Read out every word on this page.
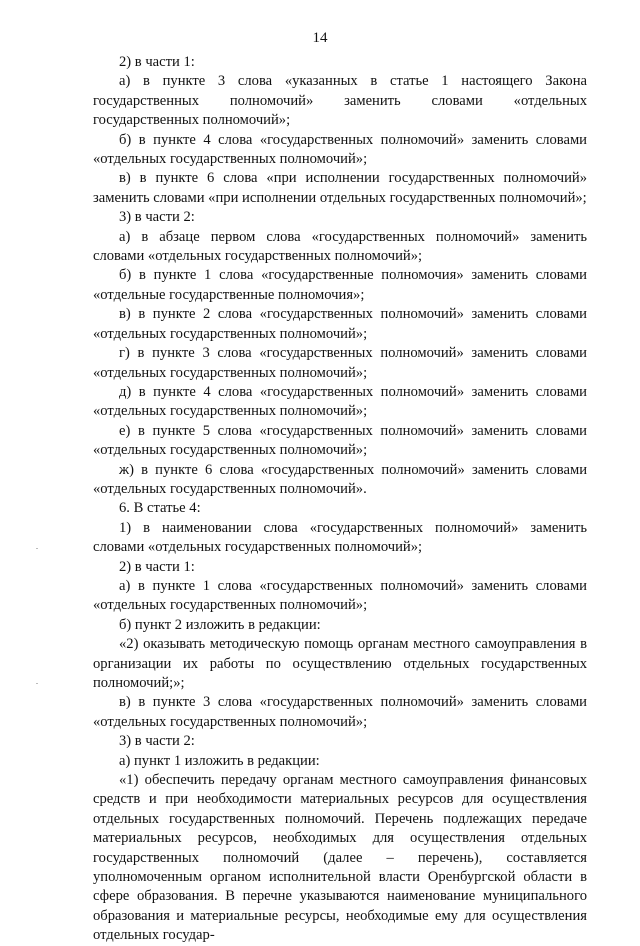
14

2) в части 1:

а) в пункте 3 слова «указанных в статье 1 настоящего Закона государственных полномочий» заменить словами «отдельных государственных полномочий»;

б) в пункте 4 слова «государственных полномочий» заменить словами «отдельных государственных полномочий»;

в) в пункте 6 слова «при исполнении государственных полномочий» заменить словами «при исполнении отдельных государственных полномочий»;

3) в части 2:

а) в абзаце первом слова «государственных полномочий» заменить словами «отдельных государственных полномочий»;

б) в пункте 1 слова «государственные полномочия» заменить словами «отдельные государственные полномочия»;

в) в пункте 2 слова «государственных полномочий» заменить словами «отдельных государственных полномочий»;

г) в пункте 3 слова «государственных полномочий» заменить словами «отдельных государственных полномочий»;

д) в пункте 4 слова «государственных полномочий» заменить словами «отдельных государственных полномочий»;

е) в пункте 5 слова «государственных полномочий» заменить словами «отдельных государственных полномочий»;

ж) в пункте 6 слова «государственных полномочий» заменить словами «отдельных государственных полномочий».

6. В статье 4:

1) в наименовании слова «государственных полномочий» заменить словами «отдельных государственных полномочий»;

2) в части 1:

а) в пункте 1 слова «государственных полномочий» заменить словами «отдельных государственных полномочий»;

б) пункт 2 изложить в редакции:

«2) оказывать методическую помощь органам местного самоуправления в организации их работы по осуществлению отдельных государственных полномочий;»;

в) в пункте 3 слова «государственных полномочий» заменить словами «отдельных государственных полномочий»;

3) в части 2:

а) пункт 1 изложить в редакции:

«1) обеспечить передачу органам местного самоуправления финансовых средств и при необходимости материальных ресурсов для осуществления отдельных государственных полномочий. Перечень подлежащих передаче материальных ресурсов, необходимых для осуществления отдельных государственных полномочий (далее – перечень), составляется уполномоченным органом исполнительной власти Оренбургской области в сфере образования. В перечне указываются наименование муниципального образования и материальные ресурсы, необходимые ему для осуществления отдельных государ-
